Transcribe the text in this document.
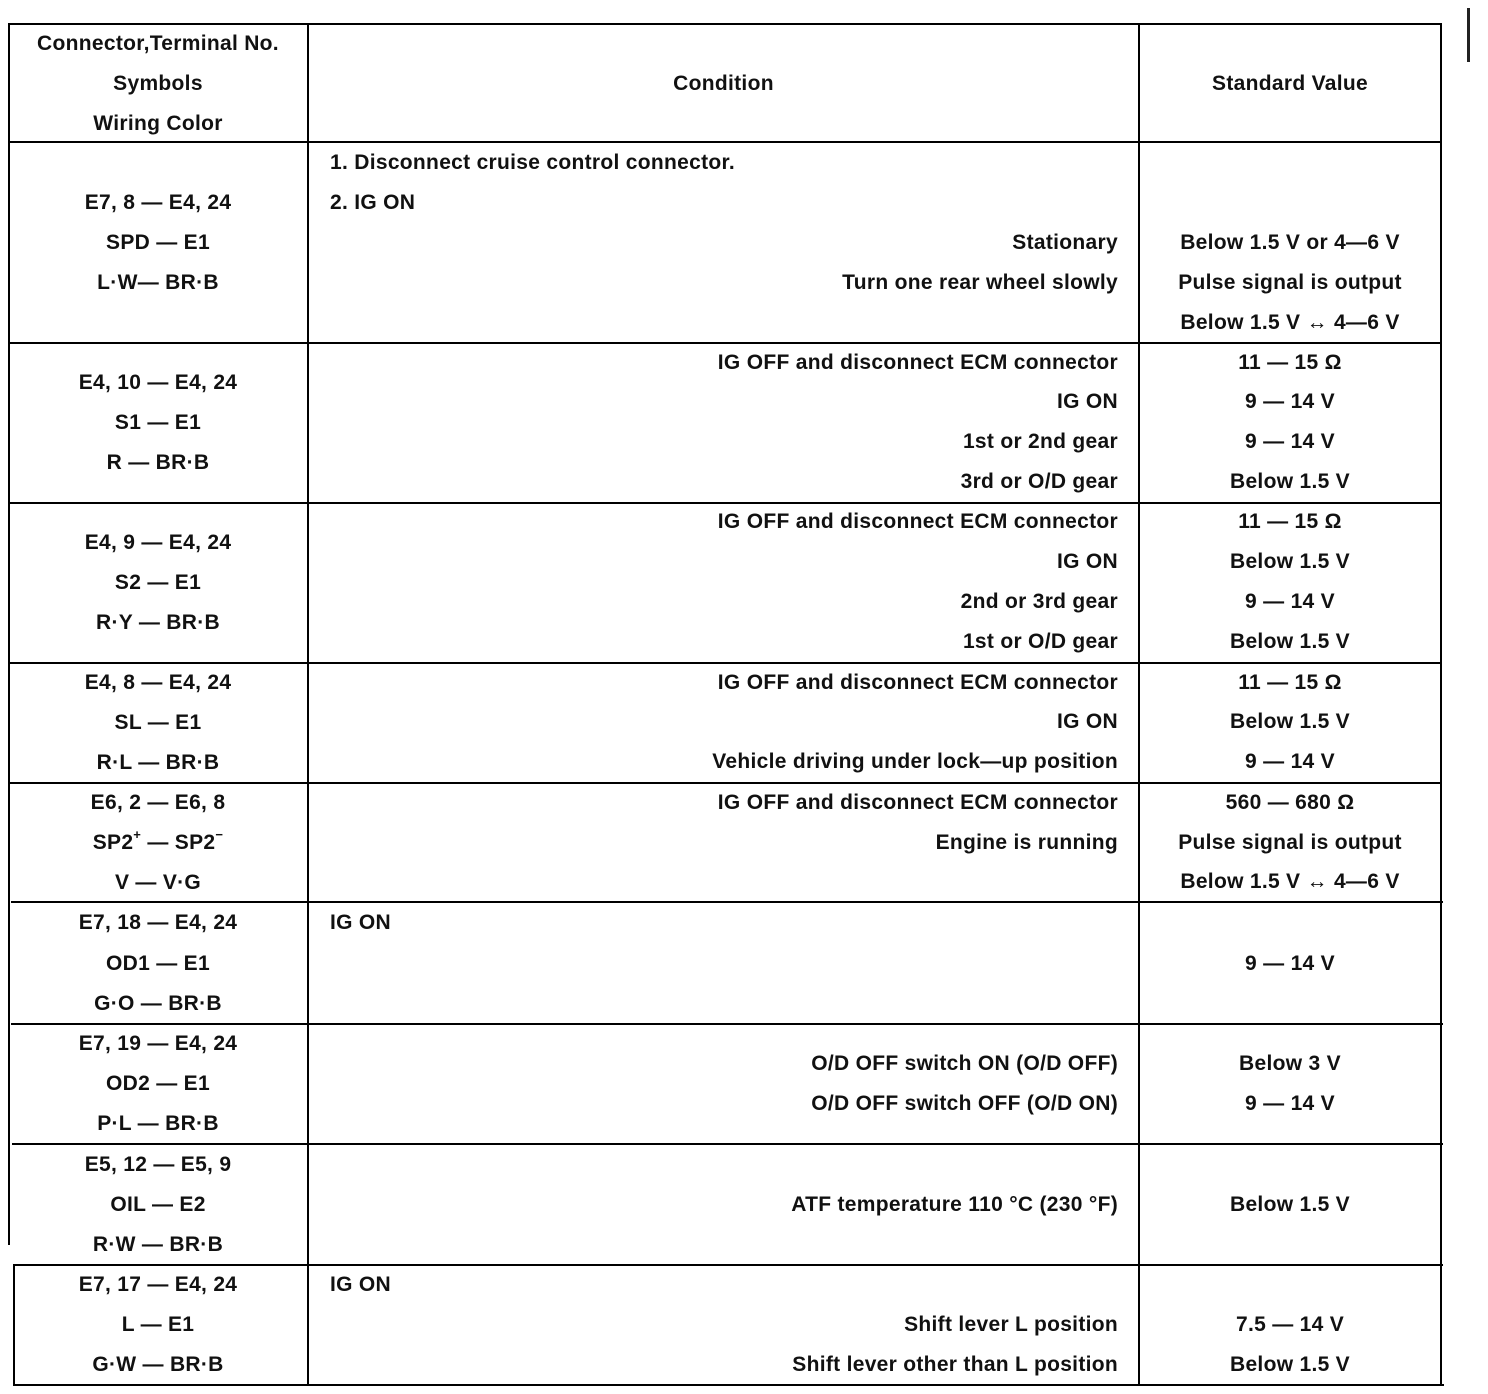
Connector,Terminal No.
Symbols
Wiring Color
Condition	Standard Value
E7, 8 — E4, 24
SPD — E1
L·W— BR·B
1. Disconnect cruise control connector.
2. IG ON
Stationary
Turn one rear wheel slowly
Below 1.5 V or 4—6 V
Pulse signal is output
Below 1.5 V ↔ 4—6 V
E4, 10 — E4, 24
S1 — E1
R — BR·B
IG OFF and disconnect ECM connector
IG ON
1st or 2nd gear
3rd or O/D gear
11 — 15 Ω
9 — 14 V
9 — 14 V
Below 1.5 V
E4, 9 — E4, 24
S2 — E1
R·Y — BR·B
IG OFF and disconnect ECM connector
IG ON
2nd or 3rd gear
1st or O/D gear
11 — 15 Ω
Below 1.5 V
9 — 14 V
Below 1.5 V
E4, 8 — E4, 24
SL — E1
R·L — BR·B
IG OFF and disconnect ECM connector
IG ON
Vehicle driving under lock—up position
11 — 15 Ω
Below 1.5 V
9 — 14 V
E6, 2 — E6, 8
SP2+ — SP2−
V — V·G
IG OFF and disconnect ECM connector
Engine is running
560 — 680 Ω
Pulse signal is output
Below 1.5 V ↔ 4—6 V
E7, 18 — E4, 24
OD1 — E1
G·O — BR·B
IG ON
9 — 14 V
E7, 19 — E4, 24
OD2 — E1
P·L — BR·B
O/D OFF switch ON (O/D OFF)
O/D OFF switch OFF (O/D ON)
Below 3 V
9 — 14 V
E5, 12 — E5, 9
OIL — E2
R·W — BR·B
ATF temperature 110 °C (230 °F)	Below 1.5 V
E7, 17 — E4, 24
L — E1
G·W — BR·B
IG ON
Shift lever L position
Shift lever other than L position
7.5 — 14 V
Below 1.5 V
